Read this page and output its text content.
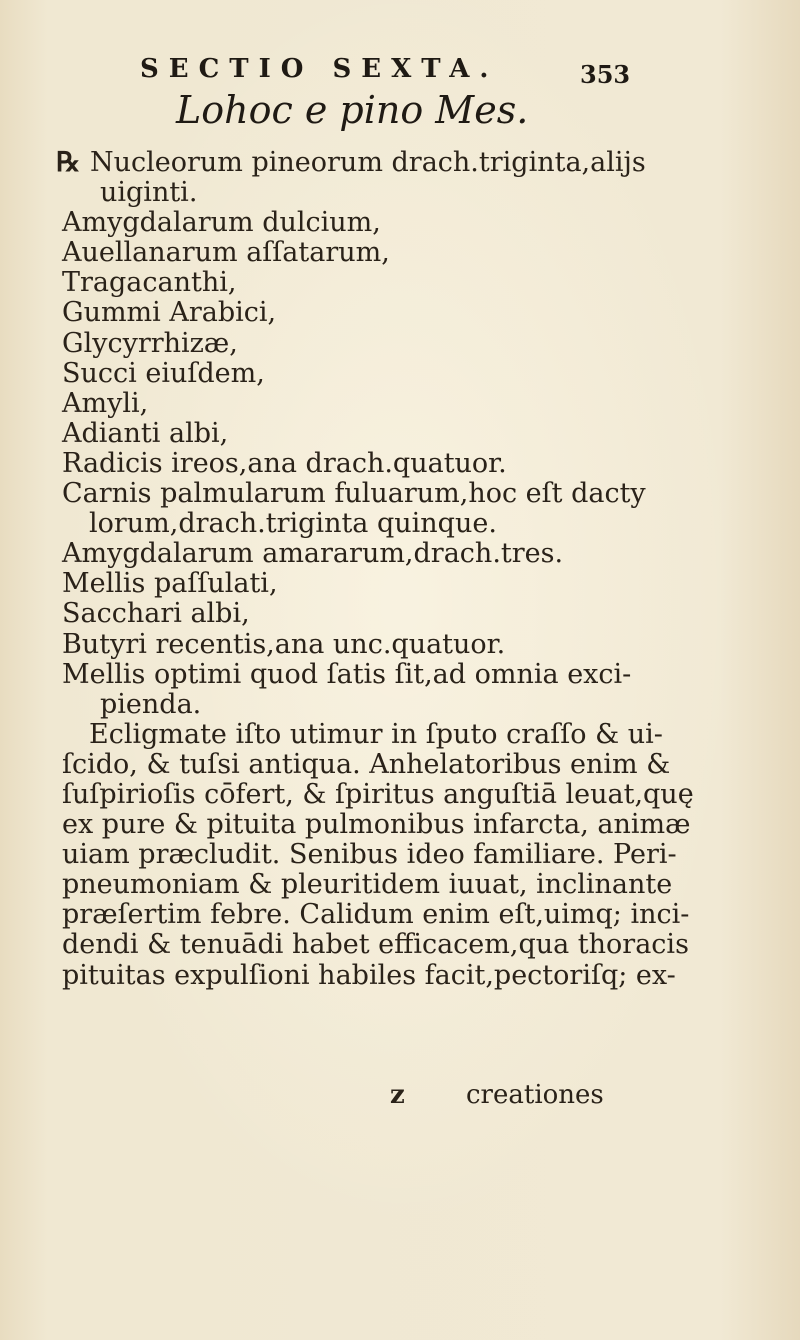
SECTIO SEXTA.	353
Lohoc e pino Mes.
℞ Nucleorum pineorum drach.triginta,alijs
uiginti.
Amygdalarum dulcium,
Auellanarum aſſatarum,
Tragacanthi,
Gummi Arabici,
Glycyrrhizæ,
Succi eiuſdem,
Amyli,
Adianti albi,
Radicis ireos,ana drach.quatuor.
Carnis palmularum fuluarum,hoc eſt dacty
lorum,drach.triginta quinque.
Amygdalarum amararum,drach.tres.
Mellis paſſulati,
Sacchari albi,
Butyri recentis,ana unc.quatuor.
Mellis optimi quod ſatis ſit,ad omnia exci-
pienda.
Ecligmate iſto utimur in ſputo craſſo & ui-
ſcido, & tuſsi antiqua. Anhelatoribus enim &
ſuſpirioſis cōfert, & ſpiritus anguſtiā leuat,quę
ex pure & pituita pulmonibus infarcta, animæ
uiam præcludit. Senibus ideo familiare. Peri-
pneumoniam & pleuritidem iuuat, inclinante
præſertim febre. Calidum enim eſt,uimq; inci-
dendi & tenuādi habet efficacem,qua thoracis
pituitas expulſioni habiles facit,pectoriſq; ex-
z creationes
